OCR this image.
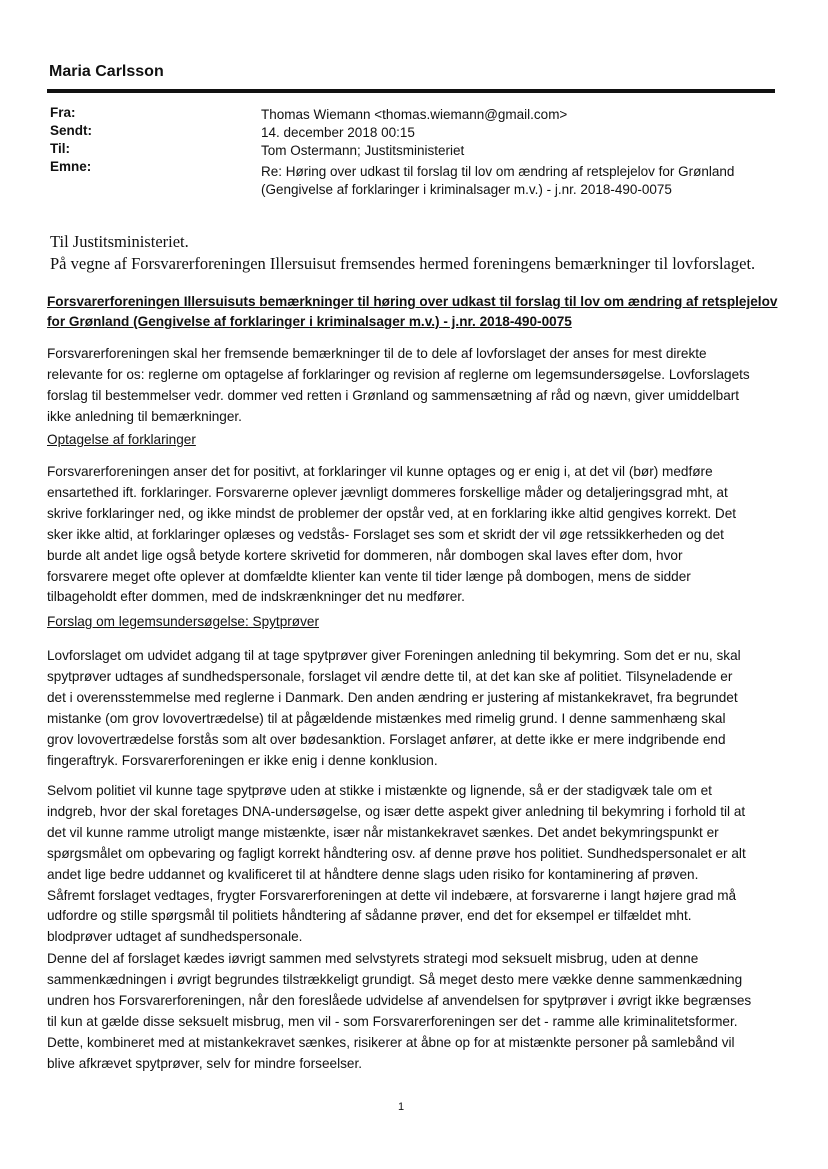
Maria Carlsson
Fra:	Thomas Wiemann <thomas.wiemann@gmail.com>
Sendt:	14. december 2018 00:15
Til:	Tom Ostermann; Justitsministeriet
Emne:	Re: Høring over udkast til forslag til lov om ændring af retsplejelov for Grønland
(Gengivelse af forklaringer i kriminalsager m.v.) - j.nr. 2018-490-0075
Til Justitsministeriet.
På vegne af Forsvarerforeningen Illersuisut fremsendes hermed foreningens bemærkninger til lovforslaget.
Forsvarerforeningen Illersuisuts bemærkninger til høring over udkast til forslag til lov om ændring af retsplejelov
for Grønland (Gengivelse af forklaringer i kriminalsager m.v.) - j.nr. 2018-490-0075
Forsvarerforeningen skal her fremsende bemærkninger til de to dele af lovforslaget der anses for mest direkte
relevante for os: reglerne om optagelse af forklaringer og revision af reglerne om legemsundersøgelse. Lovforslagets
forslag til bestemmelser vedr. dommer ved retten i Grønland og sammensætning af råd og nævn, giver umiddelbart
ikke anledning til bemærkninger.
Optagelse af forklaringer
Forsvarerforeningen anser det for positivt, at forklaringer vil kunne optages og er enig i, at det vil (bør) medføre
ensartethed ift. forklaringer. Forsvarerne oplever jævnligt dommeres forskellige måder og detaljeringsgrad mht, at
skrive forklaringer ned, og ikke mindst de problemer der opstår ved, at en forklaring ikke altid gengives korrekt. Det
sker ikke altid, at forklaringer oplæses og vedstås- Forslaget ses som et skridt der vil øge retssikkerheden og det
burde alt andet lige også betyde kortere skrivetid for dommeren, når dombogen skal laves efter dom, hvor
forsvarere meget ofte oplever at domfældte klienter kan vente til tider længe på dombogen, mens de sidder
tilbageholdt efter dommen, med de indskrænkninger det nu medfører.
Forslag om legemsundersøgelse: Spytprøver
Lovforslaget om udvidet adgang til at tage spytprøver giver Foreningen anledning til bekymring. Som det er nu, skal
spytprøver udtages af sundhedspersonale, forslaget vil ændre dette til, at det kan ske af politiet. Tilsyneladende er
det i overensstemmelse med reglerne i Danmark. Den anden ændring er justering af mistankekravet, fra begrundet
mistanke (om grov lovovertrædelse) til at pågældende mistænkes med rimelig grund. I denne sammenhæng skal
grov lovovertrædelse forstås som alt over bødesanktion. Forslaget anfører, at dette ikke er mere indgribende end
fingeraftryk. Forsvarerforeningen er ikke enig i denne konklusion.
Selvom politiet vil kunne tage spytprøve uden at stikke i mistænkte og lignende, så er der stadigvæk tale om et
indgreb, hvor der skal foretages DNA-undersøgelse, og især dette aspekt giver anledning til bekymring i forhold til at
det vil kunne ramme utroligt mange mistænkte, især når mistankekravet sænkes. Det andet bekymringspunkt er
spørgsmålet om opbevaring og fagligt korrekt håndtering osv. af denne prøve hos politiet. Sundhedspersonalet er alt
andet lige bedre uddannet og kvalificeret til at håndtere denne slags uden risiko for kontaminering af prøven.
Såfremt forslaget vedtages, frygter Forsvarerforeningen at dette vil indebære, at forsvarerne i langt højere grad må
udfordre og stille spørgsmål til politiets håndtering af sådanne prøver, end det for eksempel er tilfældet mht.
blodprøver udtaget af sundhedspersonale.
Denne del af forslaget kædes iøvrigt sammen med selvstyrets strategi mod seksuelt misbrug, uden at denne
sammenkædningen i øvrigt begrundes tilstrækkeligt grundigt. Så meget desto mere vække denne sammenkædning
undren hos Forsvarerforeningen, når den foreslåede udvidelse af anvendelsen for spytprøver i øvrigt ikke begrænses
til kun at gælde disse seksuelt misbrug, men vil - som Forsvarerforeningen ser det - ramme alle kriminalitetsformer.
Dette, kombineret med at mistankekravet sænkes, risikerer at åbne op for at mistænkte personer på samlebånd vil
blive afkrævet spytprøver, selv for mindre forseelser.
1
